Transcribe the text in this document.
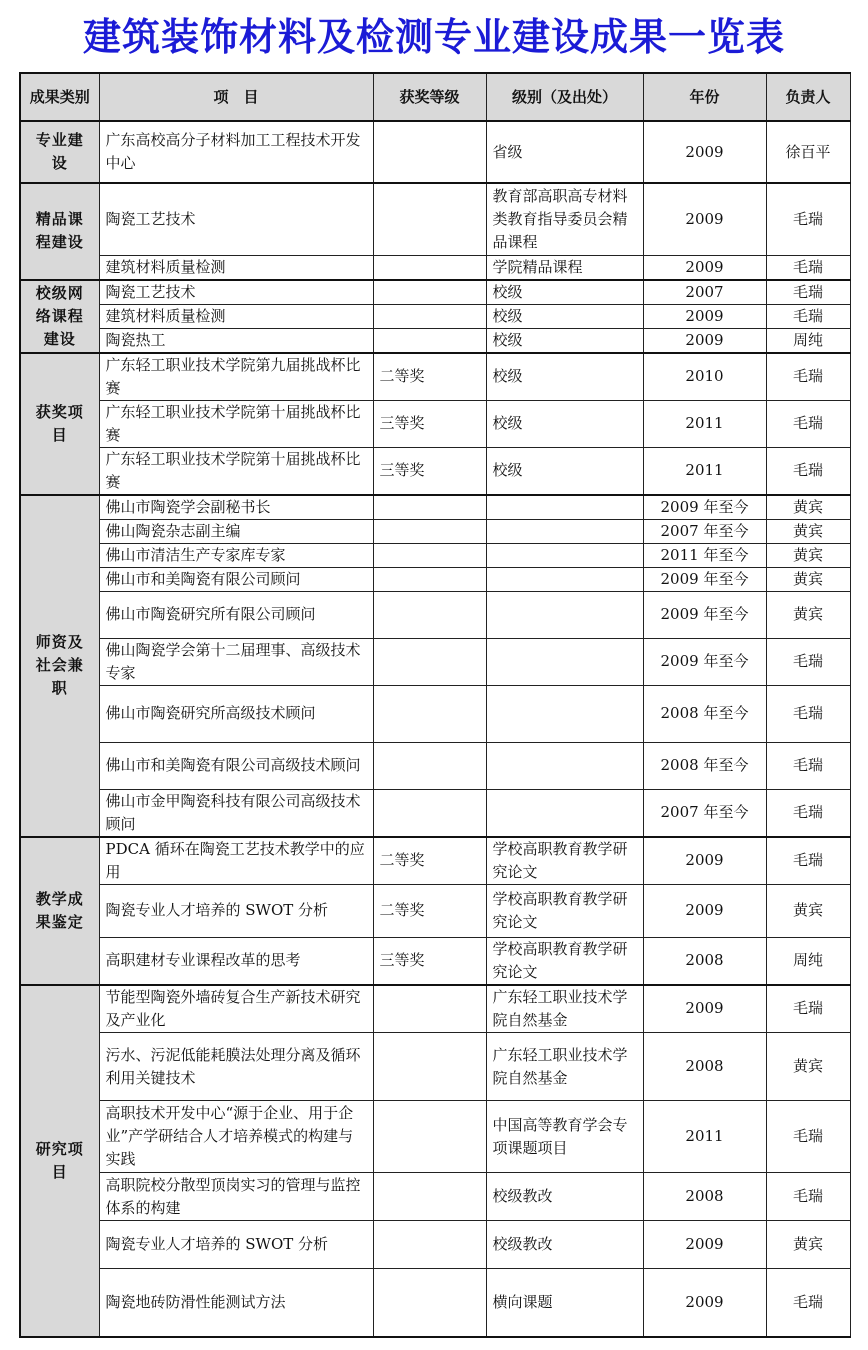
建筑装饰材料及检测专业建设成果一览表
成果类别	项　目	获奖等级	级别（及出处）	年份	负责人
专业建设	广东高校高分子材料加工工程技术开发中心		省级	2009	徐百平
精品课程建设	陶瓷工艺技术		教育部高职高专材料类教育指导委员会精品课程	2009	毛瑞
	建筑材料质量检测		学院精品课程	2009	毛瑞
校级网络课程建设	陶瓷工艺技术		校级	2007	毛瑞
	建筑材料质量检测		校级	2009	毛瑞
	陶瓷热工		校级	2009	周纯
获奖项目	广东轻工职业技术学院第九届挑战杯比赛	二等奖	校级	2010	毛瑞
	广东轻工职业技术学院第十届挑战杯比赛	三等奖	校级	2011	毛瑞
	广东轻工职业技术学院第十届挑战杯比赛	三等奖	校级	2011	毛瑞
师资及社会兼职	佛山市陶瓷学会副秘书长			2009 年至今	黄宾
	佛山陶瓷杂志副主编			2007 年至今	黄宾
	佛山市清洁生产专家库专家			2011 年至今	黄宾
	佛山市和美陶瓷有限公司顾问			2009 年至今	黄宾
	佛山市陶瓷研究所有限公司顾问			2009 年至今	黄宾
	佛山陶瓷学会第十二届理事、高级技术专家			2009 年至今	毛瑞
	佛山市陶瓷研究所高级技术顾问			2008 年至今	毛瑞
	佛山市和美陶瓷有限公司高级技术顾问			2008 年至今	毛瑞
	佛山市金甲陶瓷科技有限公司高级技术顾问			2007 年至今	毛瑞
教学成果鉴定	PDCA 循环在陶瓷工艺技术教学中的应用	二等奖	学校高职教育教学研究论文	2009	毛瑞
	陶瓷专业人才培养的 SWOT 分析	二等奖	学校高职教育教学研究论文	2009	黄宾
	高职建材专业课程改革的思考	三等奖	学校高职教育教学研究论文	2008	周纯
研究项目	节能型陶瓷外墙砖复合生产新技术研究及产业化		广东轻工职业技术学院自然基金	2009	毛瑞
	污水、污泥低能耗膜法处理分离及循环利用关键技术		广东轻工职业技术学院自然基金	2008	黄宾
	高职技术开发中心“源于企业、用于企业”产学研结合人才培养模式的构建与实践		中国高等教育学会专项课题项目	2011	毛瑞
	高职院校分散型顶岗实习的管理与监控体系的构建		校级教改	2008	毛瑞
	陶瓷专业人才培养的 SWOT 分析		校级教改	2009	黄宾
	陶瓷地砖防滑性能测试方法		横向课题	2009	毛瑞
